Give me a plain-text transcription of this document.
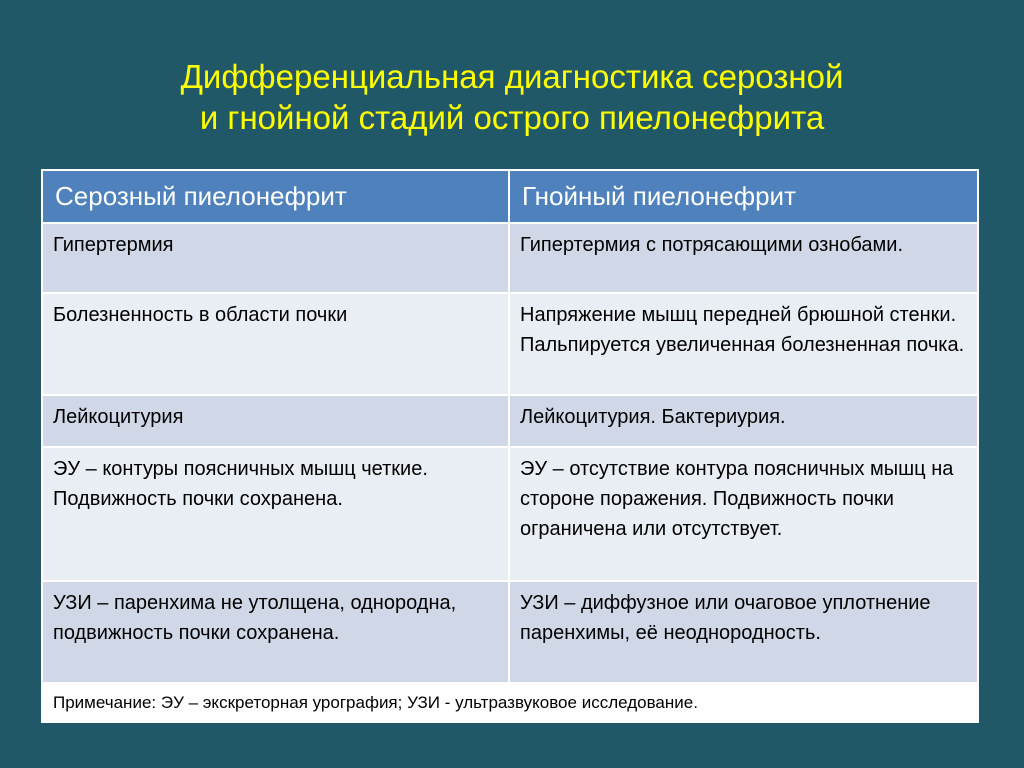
Дифференциальная диагностика серозной
и гнойной стадий острого пиелонефрита
Серозный пиелонефрит	Гнойный пиелонефрит

Гипертермия	Гипертермия с потрясающими ознобами.

Болезненность в области почки	Напряжение мышц передней брюшной стенки. Пальпируется увеличенная болезненная почка.

Лейкоцитурия	Лейкоцитурия. Бактериурия.

ЭУ – контуры поясничных мышц четкие. Подвижность почки сохранена.	ЭУ – отсутствие контура поясничных мышц на стороне поражения. Подвижность почки ограничена или отсутствует.

УЗИ – паренхима не утолщена, однородна, подвижность почки сохранена.	УЗИ – диффузное или очаговое уплотнение паренхимы, её неоднородность.

Примечание: ЭУ – экскреторная урография; УЗИ - ультразвуковое исследование.	
